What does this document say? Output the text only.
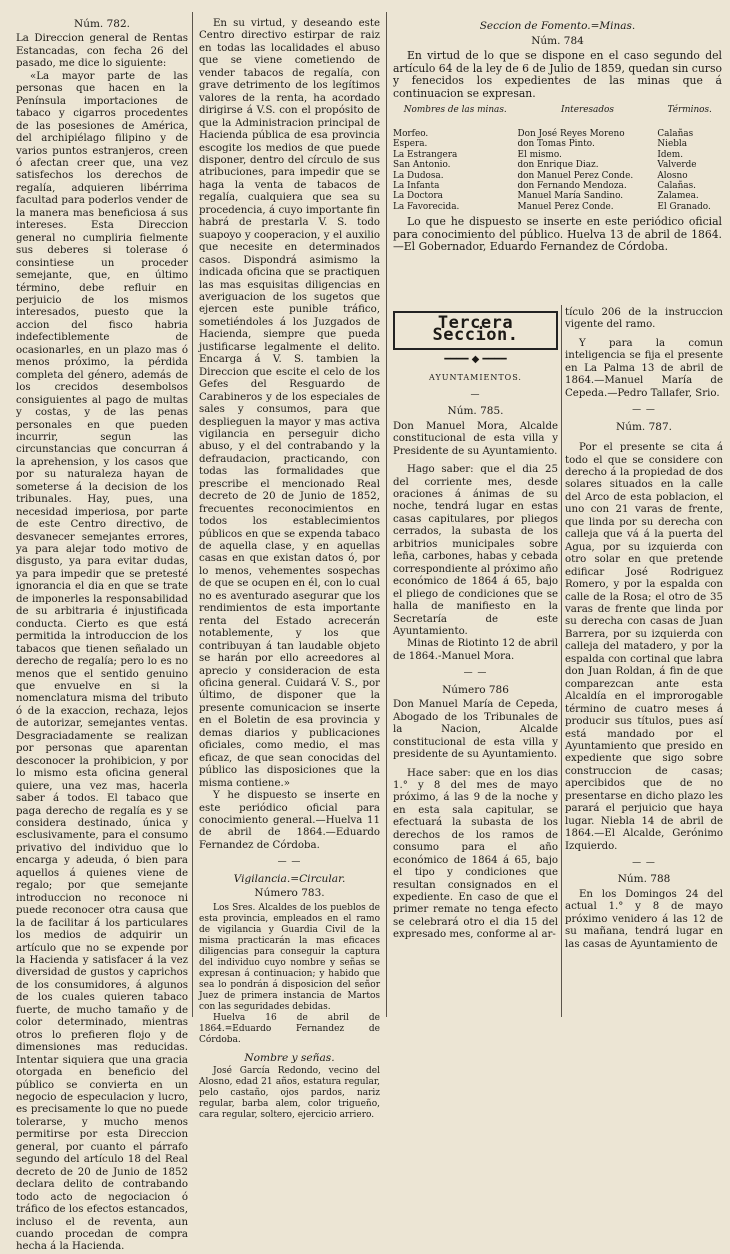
Núm. 782.

La Direccion general de Rentas Estancadas, con fecha 26 del pasado, me dice lo siguiente:

«La mayor parte de las personas que hacen en la Península importaciones de tabaco y cigarros procedentes de las posesiones de América, del archipiélago filipino y de varios puntos estranjeros, creen ó afectan creer que, una vez satisfechos los derechos de regalía, adquieren libérrima facultad para poderlos vender de la manera mas beneficiosa á sus intereses. Esta Direccion general no cumpliria fielmente sus deberes si tolerase ó consintiese un proceder semejante, que, en último término, debe refluir en perjuicio de los mismos interesados, puesto que la accion del fisco habria indefectiblemente de ocasionarles, en un plazo mas ó menos próximo, la pérdida completa del género, además de los crecidos desembolsos consiguientes al pago de multas y costas, y de las penas personales en que pueden incurrir, segun las circunstancias que concurran á la aprehension, y los casos que por su naturaleza hayan de someterse á la decision de los tribunales. Hay, pues, una necesidad imperiosa, por parte de este Centro directivo, de desvanecer semejantes errores, ya para alejar todo motivo de disgusto, ya para evitar dudas, ya para impedir que se pretesté ignorancia el dia en que se trate de imponerles la responsabilidad de su arbitraria é injustificada conducta. Cierto es que está permitida la introduccion de los tabacos que tienen señalado un derecho de regalía; pero lo es no menos que el sentido genuino que envuelve en si la nomenclatura misma del tributo ó de la exaccion, rechaza, lejos de autorizar, semejantes ventas. Desgraciadamente se realizan por personas que aparentan desconocer la prohibicion, y por lo mismo esta oficina general quiere, una vez mas, hacerla saber á todos. El tabaco que paga derecho de regalía es y se considera destinado, única y esclusivamente, para el consumo privativo del individuo que lo encarga y adeuda, ó bien para aquellos á quienes viene de regalo; por que semejante introduccion no reconoce ni puede reconocer otra causa que la de facilitar á los particulares los medios de adquirir un artículo que no se expende por la Hacienda y satisfacer á la vez diversidad de gustos y caprichos de los consumidores, á algunos de los cuales quieren tabaco fuerte, de mucho tamaño y de color determinado, mientras otros lo prefieren flojo y de dimensiones mas reducidas. Intentar siquiera que una gracia otorgada en beneficio del público se convierta en un negocio de especulacion y lucro, es precisamente lo que no puede tolerarse, y mucho menos permitirse por esta Direccion general, por cuanto el párrafo segundo del artículo 18 del Real decreto de 20 de Junio de 1852 declara delito de contrabando todo acto de negociacion ó tráfico de los efectos estancados, incluso el de reventa, aun cuando procedan de compra hecha á la Hacienda.

En su virtud, y deseando este Centro directivo estirpar de raiz en todas las localidades el abuso que se viene cometiendo de vender tabacos de regalía, con grave detrimento de los legítimos valores de la renta, ha acordado dirigirse á V.S. con el propósito de que la Administracion principal de Hacienda pública de esa provincia escogite los medios de que puede disponer, dentro del círculo de sus atribuciones, para impedir que se haga la venta de tabacos de regalía, cualquiera que sea su procedencia, á cuyo importante fin habrá de prestarla V. S. todo suapoyo y cooperacion, y el auxilio que necesite en determinados casos. Dispondrá asimismo la indicada oficina que se practiquen las mas esquisitas diligencias en averiguacion de los sugetos que ejercen este punible tráfico, sometiéndoles á los Juzgados de Hacienda, siempre que pueda justificarse legalmente el delito. Encarga á V. S. tambien la Direccion que escite el celo de los Gefes del Resguardo de Carabineros y de los especiales de sales y consumos, para que desplieguen la mayor y mas activa vigilancia en perseguir dicho abuso, y el del contrabando y la defraudacion, practicando, con todas las formalidades que prescribe el mencionado Real decreto de 20 de Junio de 1852, frecuentes reconocimientos en todos los establecimientos públicos en que se expenda tabaco de aquella clase, y en aquellas casas en que existan datos ó, por lo menos, vehementes sospechas de que se ocupen en él, con lo cual no es aventurado asegurar que los rendimientos de esta importante renta del Estado acrecerán notablemente, y los que contribuyan á tan laudable objeto se harán por ello acreedores al aprecio y consideracion de esta oficina general. Cuidará V. S., por último, de disponer que la presente comunicacion se inserte en el Boletin de esa provincia y demas diarios y publicaciones oficiales, como medio, el mas eficaz, de que sean conocidas del público las disposiciones que la misma contiene.»

Y he dispuesto se inserte en este periódico oficial para conocimiento general.—Huelva 11 de abril de 1864.—Eduardo Fernandez de Córdoba.

— —
Vigilancia.=Circular.
Número 783.

Los Sres. Alcaldes de los pueblos de esta provincia, empleados en el ramo de vigilancia y Guardia Civil de la misma practicarán la mas eficaces diligencias para conseguir la captura del individuo cuyo nombre y señas se expresan á continuacion; y habido que sea lo pondrán á disposicion del señor Juez de primera instancia de Martos con las seguridades debidas.

Huelva 16 de abril de 1864.=Eduardo Fernandez de Córdoba.

Nombre y señas.

José García Redondo, vecino del Alosno, edad 21 años, estatura regular, pelo castaño, ojos pardos, nariz regular, barba alem, color trigueño, cara regular, soltero, ejercicio arriero.

Seccion de Fomento.=Minas.
Núm. 784

En virtud de lo que se dispone en el caso segundo del artículo 64 de la ley de 6 de Julio de 1859, quedan sin curso y fenecidos los expedientes de las minas que á continuacion se expresan.

Nombres de las minas.	Interesados	Términos.
Morfeo.	Don José Reyes Moreno	Calañas
Espera.	don Tomas Pinto.	Niebla
La Estrangera	El mismo.	Idem.
San Antonio.	don Enrique Diaz.	Valverde
La Dudosa.	don Manuel Perez Conde.	Alosno
La Infanta	don Fernando Mendoza.	Calañas.
La Doctora	Manuel María Sandino.	Zalamea.
La Favorecida.	Manuel Perez Conde.	El Granado.

Lo que he dispuesto se inserte en este periódico oficial para conocimiento del público. Huelva 13 de abril de 1864.—El Gobernador, Eduardo Fernandez de Córdoba.

Tercera Seccion.
━━━━ ◆ ━━━━
AYUNTAMIENTOS.
—
Núm. 785.

Don Manuel Mora, Alcalde constitucional de esta villa y Presidente de su Ayuntamiento.

Hago saber: que el dia 25 del corriente mes, desde oraciones á ánimas de su noche, tendrá lugar en estas casas capitulares, por pliegos cerrados, la subasta de los arbitrios municipales sobre leña, carbones, habas y cebada correspondiente al próximo año económico de 1864 á 65, bajo el pliego de condiciones que se halla de manifiesto en la Secretaría de este Ayuntamiento.

Minas de Riotinto 12 de abril de 1864.-Manuel Mora.

— —
Número 786

Don Manuel María de Cepeda, Abogado de los Tribunales de la Nacion, Alcalde constitucional de esta villa y presidente de su Ayuntamiento.

Hace saber: que en los dias 1.° y 8 del mes de mayo próximo, á las 9 de la noche y en esta sala capitular, se efectuará la subasta de los derechos de los ramos de consumo para el año económico de 1864 á 65, bajo el tipo y condiciones que resultan consignados en el expediente. En caso de que el primer remate no tenga efecto se celebrará otro el dia 15 del expresado mes, conforme al ar-

tículo 206 de la instruccion vigente del ramo.

Y para la comun inteligencia se fija el presente en La Palma 13 de abril de 1864.—Manuel María de Cepeda.—Pedro Tallafer, Srio.

— —
Núm. 787.

Por el presente se cita á todo el que se considere con derecho á la propiedad de dos solares situados en la calle del Arco de esta poblacion, el uno con 21 varas de frente, que linda por su derecha con calleja que vá á la puerta del Agua, por su izquierda con otro solar en que pretende edificar José Rodriguez Romero, y por la espalda con calle de la Rosa; el otro de 35 varas de frente que linda por su derecha con casas de Juan Barrera, por su izquierda con calleja del matadero, y por la espalda con cortinal que labra don Juan Roldan, á fin de que comparezcan ante esta Alcaldía en el improrogable término de cuatro meses á producir sus títulos, pues así está mandado por el Ayuntamiento que presido en expediente que sigo sobre construccion de casas; apercibidos que de no presentarse en dicho plazo les parará el perjuicio que haya lugar. Niebla 14 de abril de 1864.—El Alcalde, Gerónimo Izquierdo.

— —
Núm. 788

En los Domingos 24 del actual 1.° y 8 de mayo próximo venidero á las 12 de su mañana, tendrá lugar en las casas de Ayuntamiento de
